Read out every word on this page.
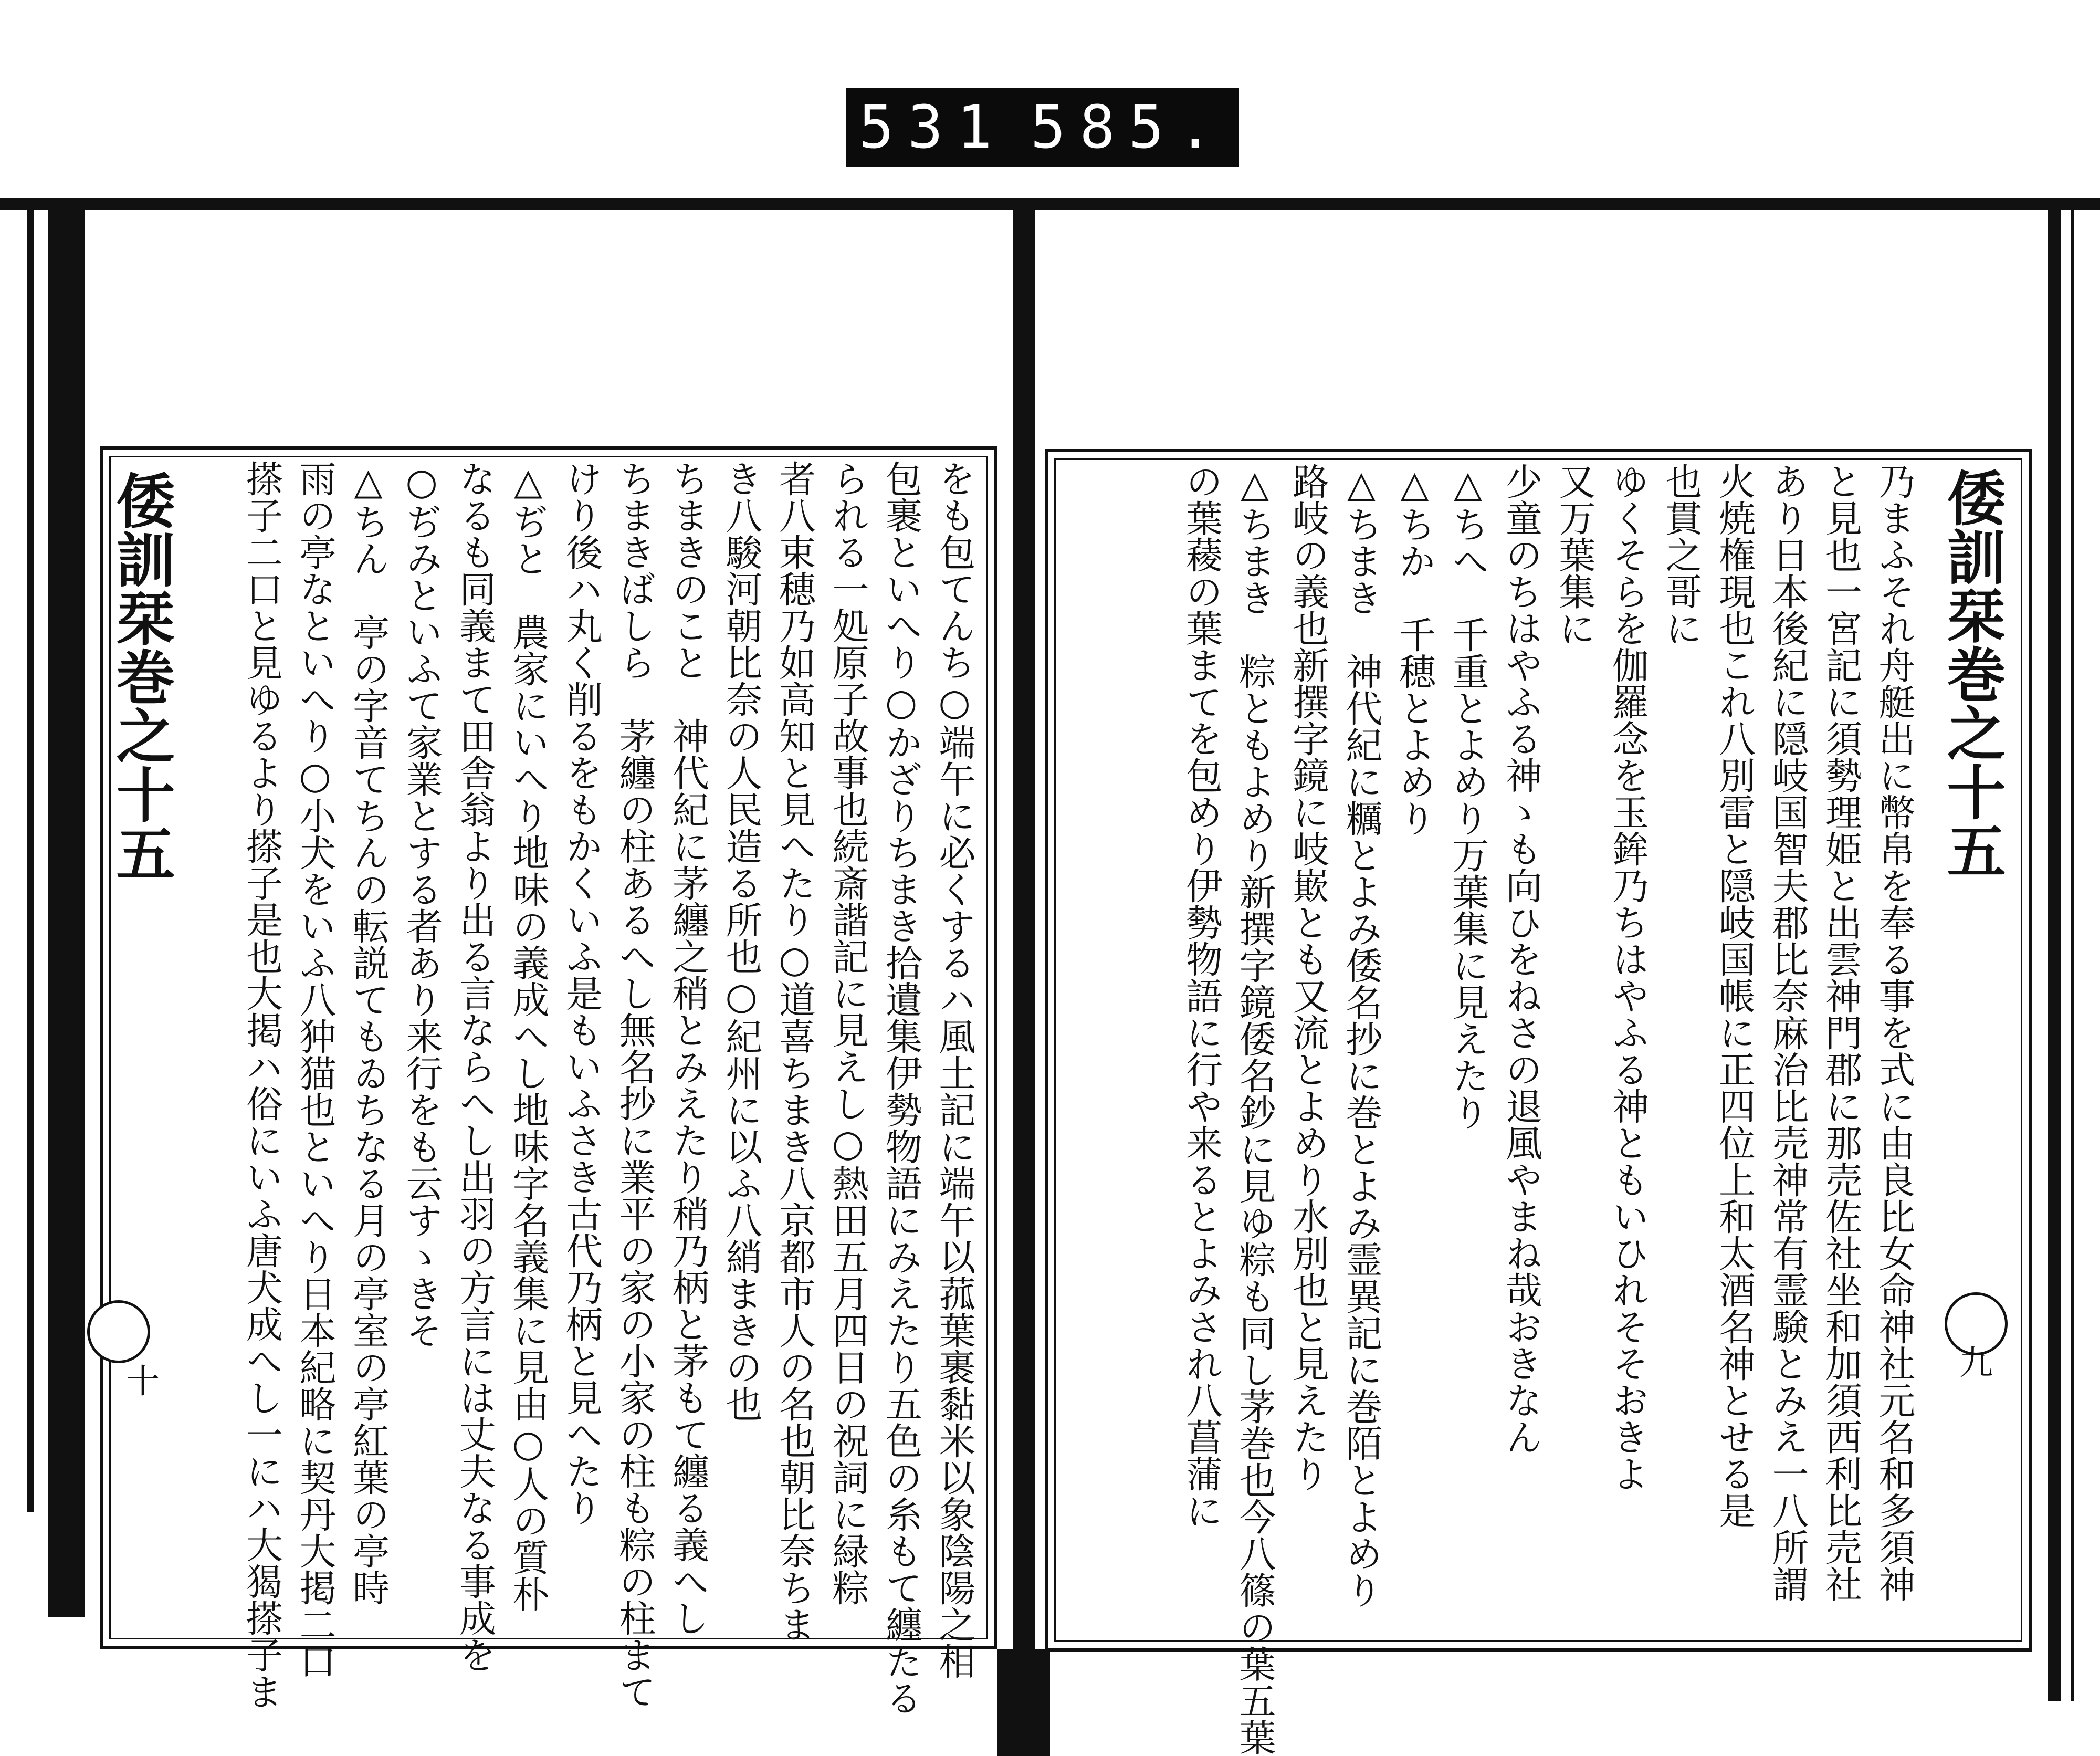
531 585.
倭訓栞巻之十五
十	をも包てんち○端午に必くするハ風土記に端午以菰葉裹黏米以象陰陽之相
包裹といへり○かざりちまき拾遺集伊勢物語にみえたり五色の糸もて纏たる
られる一処原子故事也続斎諧記に見えし○熱田五月四日の祝詞に緑粽
者八束穂乃如高知と見へたり○道喜ちまき八京都市人の名也朝比奈ちま
き八駿河朝比奈の人民造る所也○紀州に以ふ八綃まきの也
ちまきのこと　神代紀に茅纏之稍とみえたり稍乃柄と茅もて纏る義へし
ちまきばしら　茅纏の柱あるへし無名抄に業平の家の小家の柱も粽の柱まて
けり後ハ丸く削るをもかくいふ是もいふさき古代乃柄と見へたり
△ぢと　農家にいへり地味の義成へし地味字名義集に見由○人の質朴
なるも同義まて田舎翁より出る言ならへし出羽の方言には丈夫なる事成を
○ぢみといふて家業とする者あり来行をも云すゝきそ
△ちん　亭の字音てちんの転説てもゐちなる月の亭室の亭紅葉の亭時
雨の亭なといへり○小犬をいふ八狆猫也といへり日本紀略に契丹大掲二口
搽子二口と見ゆるより搽子是也大掲ハ俗にいふ唐犬成へし一にハ大猲搽子ま	倭訓栞巻之十五
九
乃まふそれ舟艇出に幣帛を奉る事を式に由良比女命神社元名和多須神
と見也一宮記に須勢理姫と出雲神門郡に那売佐社坐和加須西利比売社
あり日本後紀に隠岐国智夫郡比奈麻治比売神常有霊験とみえ一八所謂
火焼権現也これ八別雷と隠岐国帳に正四位上和太酒名神とせる是
也貫之哥に
ゆくそらを伽羅念を玉鉾乃ちはやふる神ともいひれそそおきよ
又万葉集に
少童のちはやふる神ゝも向ひをねさの退風やまね哉おきなん
△ちへ　千重とよめり万葉集に見えたり
△ちか　千穂とよめり
△ちまき　神代紀に糲とよみ倭名抄に巻とよみ霊異記に巻陌とよめり
路岐の義也新撰字鏡に岐㠌とも又流とよめり水別也と見えたり
△ちまき　粽ともよめり新撰字鏡倭名鈔に見ゆ粽も同し茅巻也今八篠の葉五葉
の葉薐の葉まてを包めり伊勢物語に行や来るとよみされ八菖蒲に
